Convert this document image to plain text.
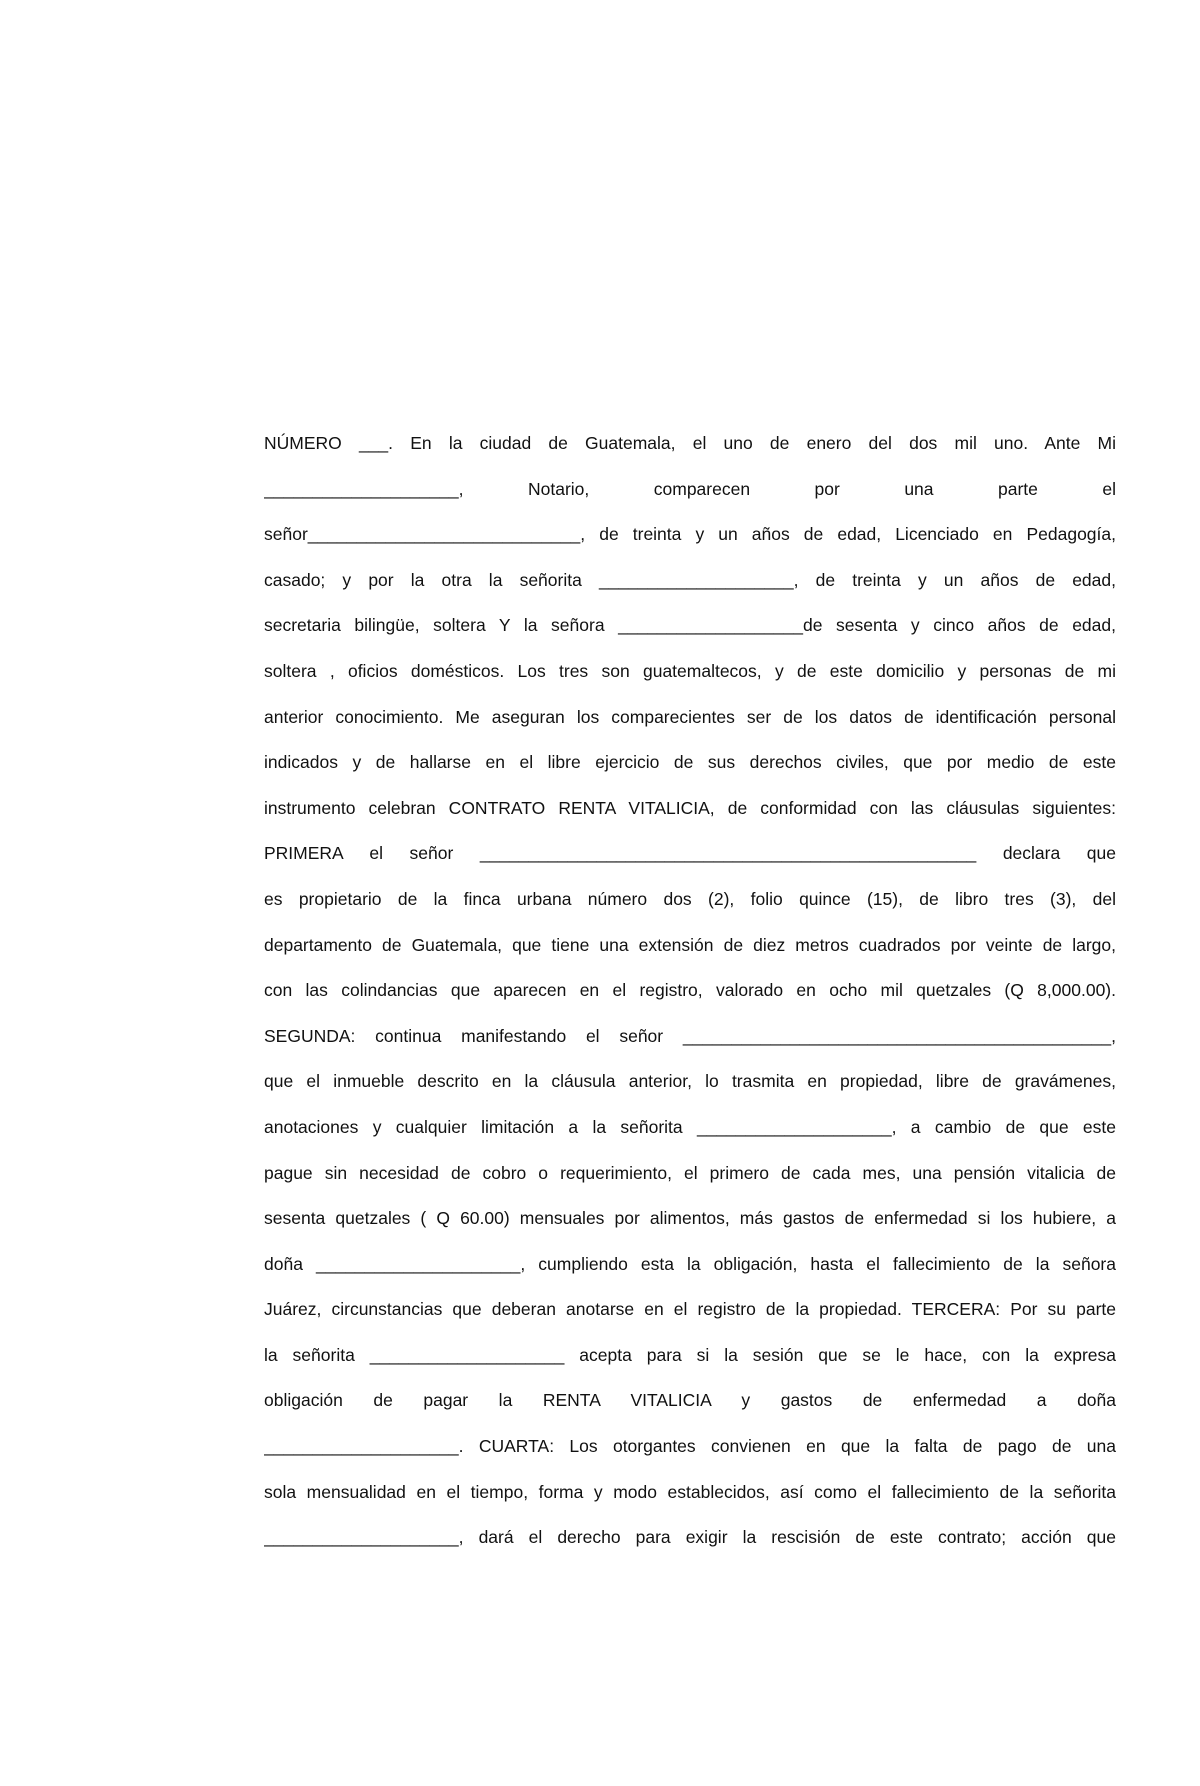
NÚMERO ___. En la ciudad de Guatemala, el uno de enero del dos mil uno. Ante Mi
____________________, Notario, comparecen por una parte el
señor____________________________, de treinta y un años de edad, Licenciado en Pedagogía,
casado; y por la otra la señorita ____________________, de treinta y un años de edad,
secretaria bilingüe, soltera Y la señora ___________________de sesenta y cinco años de edad,
soltera , oficios domésticos. Los tres son guatemaltecos, y de este domicilio y personas de mi
anterior conocimiento. Me aseguran los comparecientes ser de los datos de identificación personal
indicados y de hallarse en el libre ejercicio de sus derechos civiles, que por medio de este
instrumento celebran CONTRATO RENTA VITALICIA, de conformidad con las cláusulas siguientes:
PRIMERA el señor ___________________________________________________ declara que
es propietario de la finca urbana número dos (2), folio quince (15), de libro tres (3), del
departamento de Guatemala, que tiene una extensión de diez metros cuadrados por veinte de largo,
con las colindancias que aparecen en el registro, valorado en ocho mil quetzales (Q 8,000.00).
SEGUNDA: continua manifestando el señor ____________________________________________,
que el inmueble descrito en la cláusula anterior, lo trasmita en propiedad, libre de gravámenes,
anotaciones y cualquier limitación a la señorita ____________________, a cambio de que este
pague sin necesidad de cobro o requerimiento, el primero de cada mes, una pensión vitalicia de
sesenta quetzales ( Q 60.00) mensuales por alimentos, más gastos de enfermedad si los hubiere, a
doña _____________________, cumpliendo esta la obligación, hasta el fallecimiento de la señora
Juárez, circunstancias que deberan anotarse en el registro de la propiedad. TERCERA: Por su parte
la señorita ____________________ acepta para si la sesión que se le hace, con la expresa
obligación de pagar la RENTA VITALICIA y gastos de enfermedad a doña
____________________. CUARTA: Los otorgantes convienen en que la falta de pago de una
sola mensualidad en el tiempo, forma y modo establecidos, así como el fallecimiento de la señorita
____________________, dará el derecho para exigir la rescisión de este contrato; acción que
